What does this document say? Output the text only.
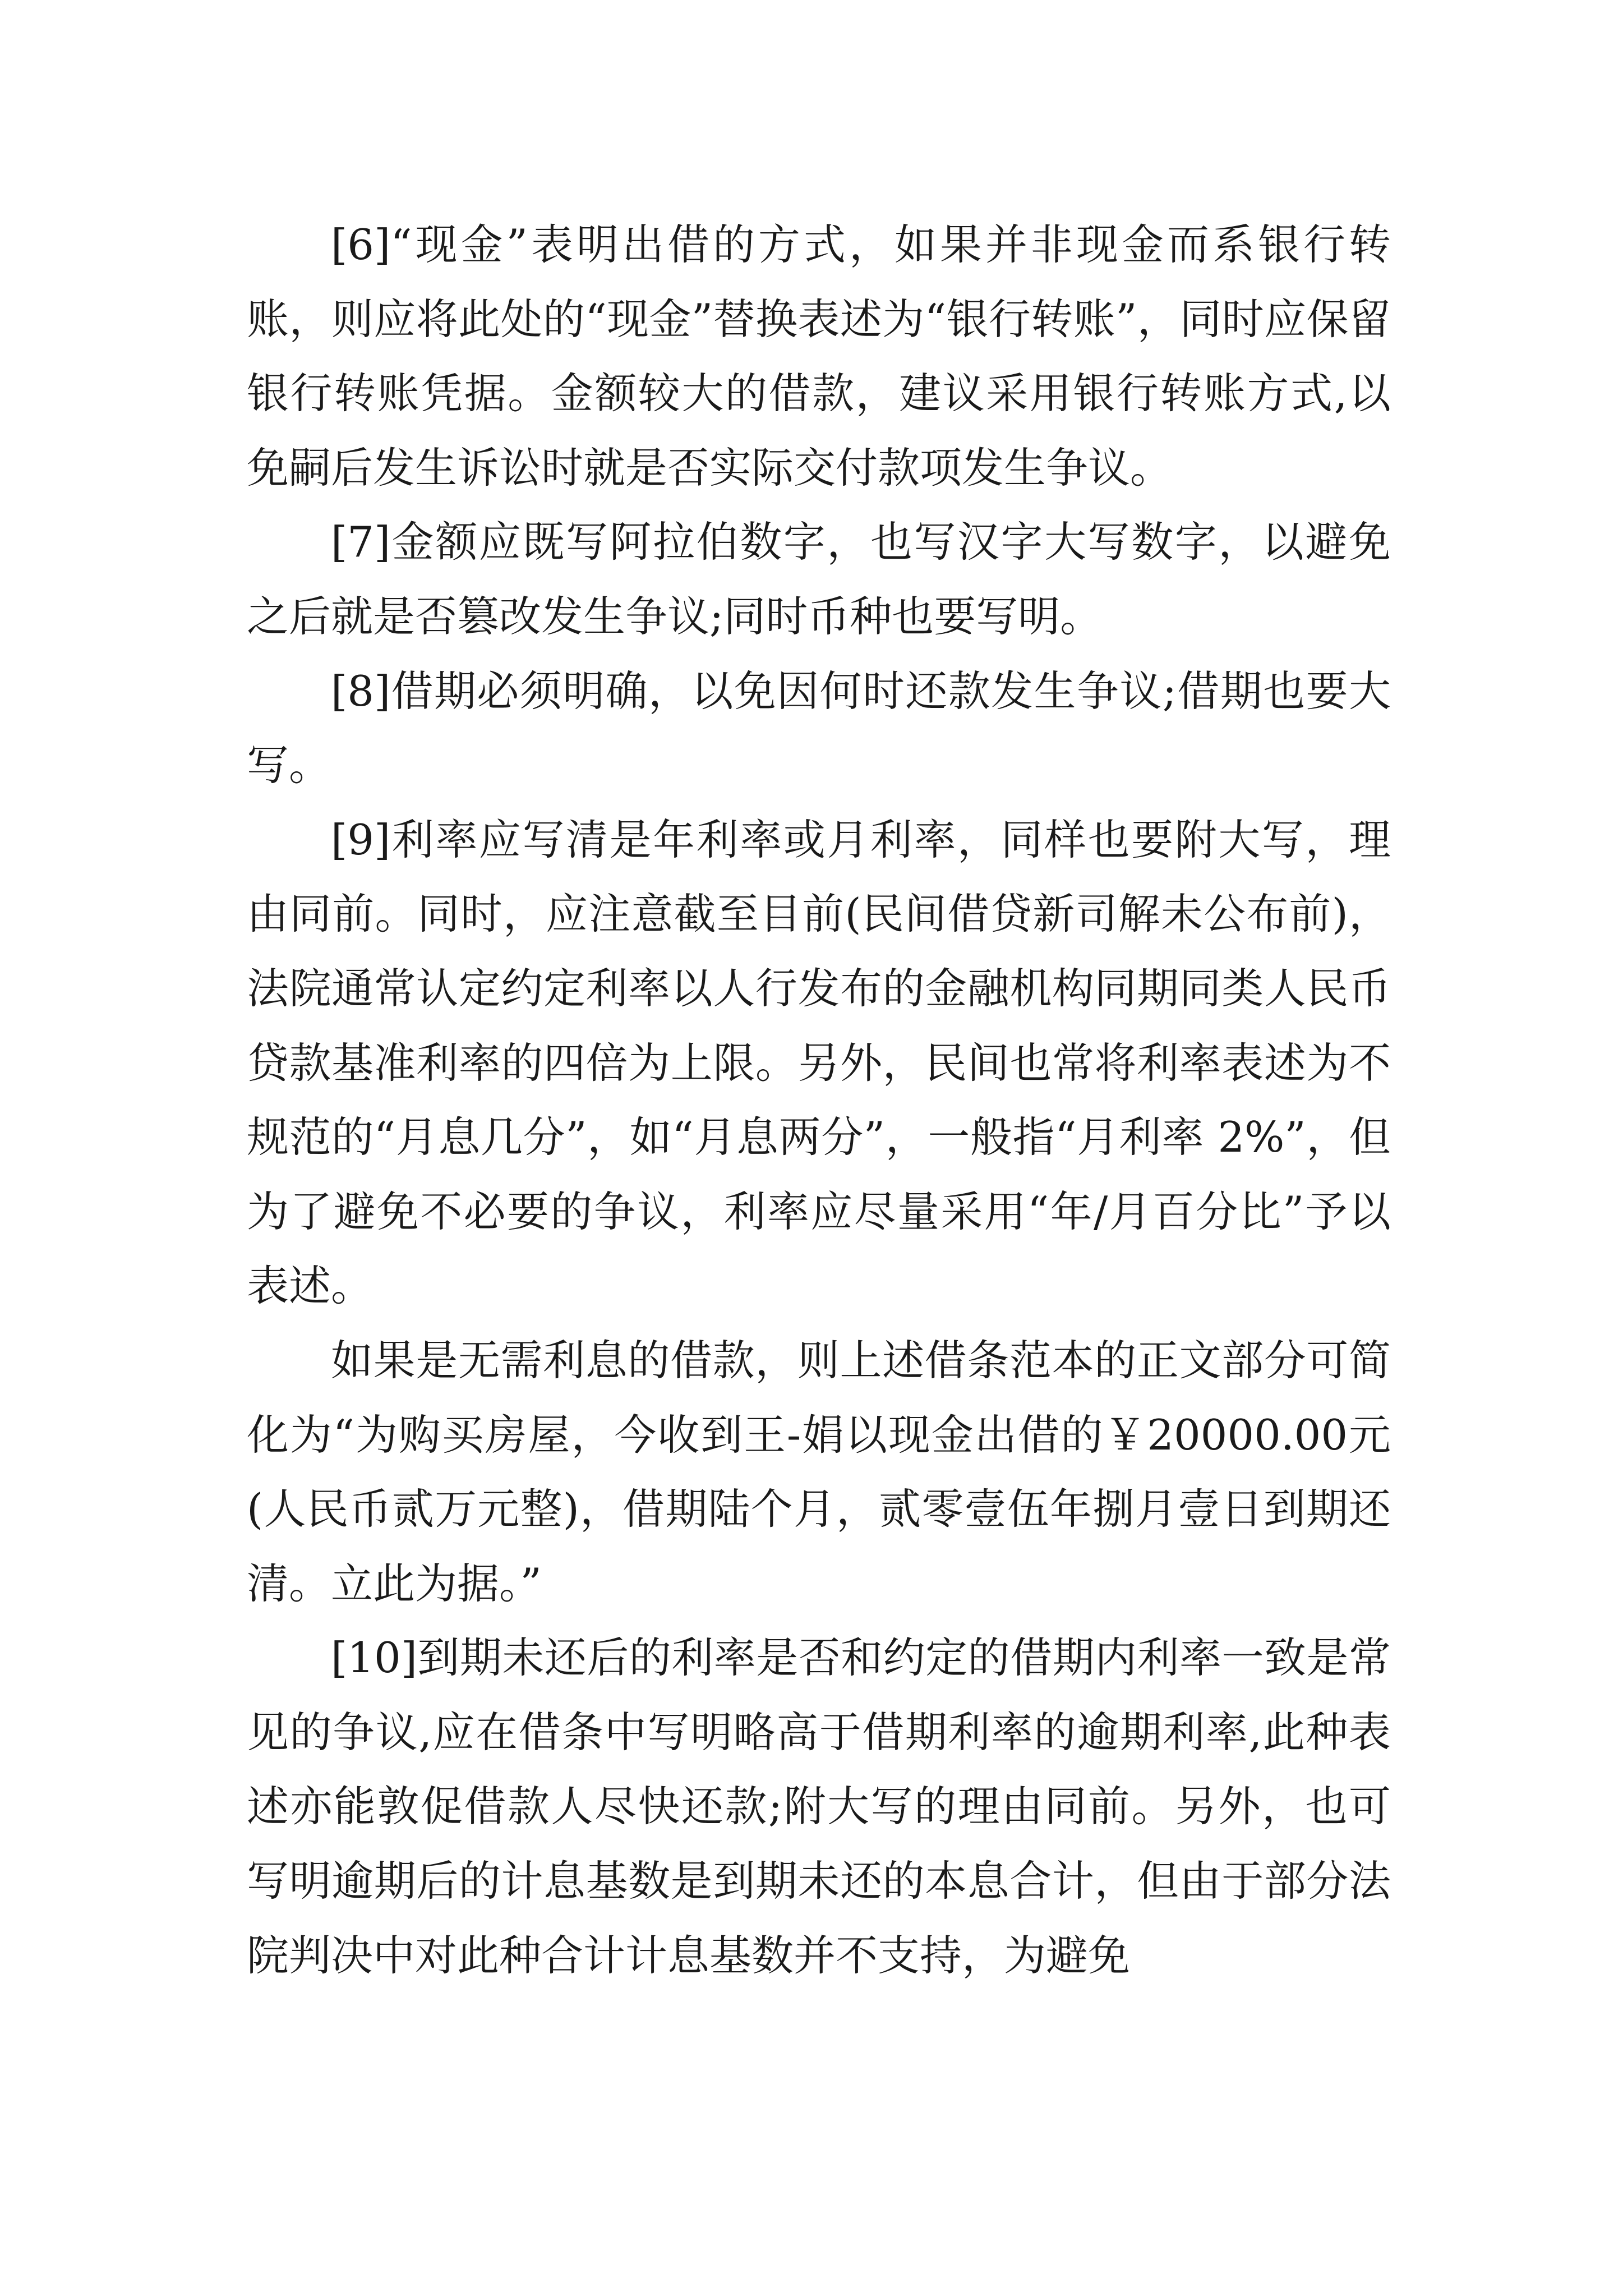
[6]“现金”表明出借的方式，如果并非现金而系银行转账，则应将此处的“现金”替换表述为“银行转账”，同时应保留银行转账凭据。金额较大的借款，建议采用银行转账方式,以免嗣后发生诉讼时就是否实际交付款项发生争议。

[7]金额应既写阿拉伯数字，也写汉字大写数字，以避免之后就是否篡改发生争议;同时币种也要写明。

[8]借期必须明确，以免因何时还款发生争议;借期也要大写。

[9]利率应写清是年利率或月利率，同样也要附大写，理由同前。同时，应注意截至目前(民间借贷新司解未公布前)，法院通常认定约定利率以人行发布的金融机构同期同类人民币贷款基准利率的四倍为上限。另外，民间也常将利率表述为不规范的“月息几分”，如“月息两分”，一般指“月利率 2%”，但为了避免不必要的争议，利率应尽量采用“年/月百分比”予以表述。

如果是无需利息的借款，则上述借条范本的正文部分可简化为“为购买房屋，今收到王-娟以现金出借的￥20000.00元(人民币贰万元整)，借期陆个月，贰零壹伍年捌月壹日到期还清。立此为据。”

[10]到期未还后的利率是否和约定的借期内利率一致是常见的争议,应在借条中写明略高于借期利率的逾期利率,此种表述亦能敦促借款人尽快还款;附大写的理由同前。另外，也可写明逾期后的计息基数是到期未还的本息合计，但由于部分法院判决中对此种合计计息基数并不支持，为避免
